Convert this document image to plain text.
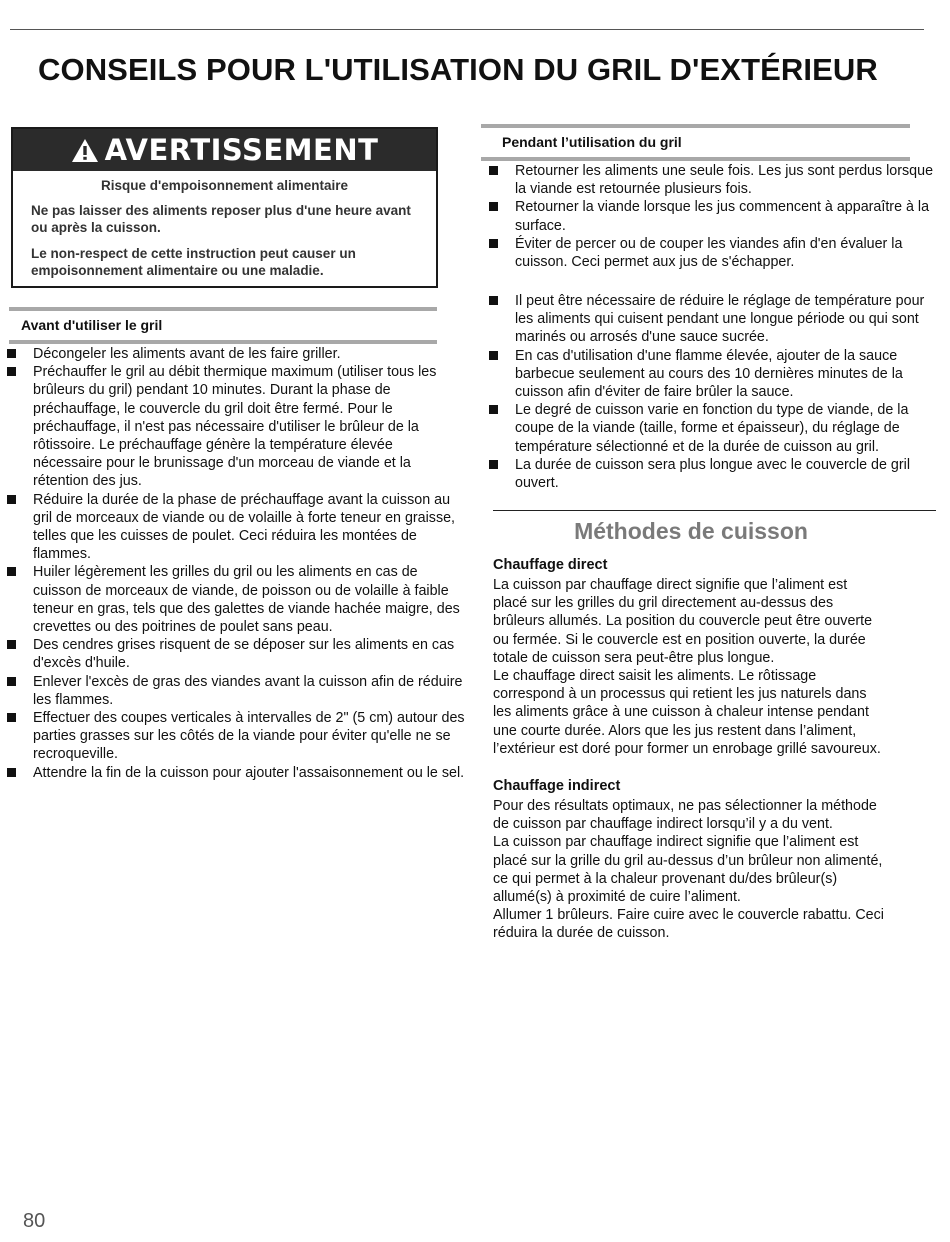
CONSEILS POUR L'UTILISATION DU GRIL D'EXTÉRIEUR
AVERTISSEMENT
Risque d'empoisonnement alimentaire

Ne pas laisser des aliments reposer plus d'une heure avant ou après la cuisson.

Le non-respect de cette instruction peut causer un empoisonnement alimentaire ou une maladie.

Avant d'utiliser le gril
Décongeler les aliments avant de les faire griller.
Préchauffer le gril au débit thermique maximum (utiliser tous les brûleurs du gril) pendant 10 minutes. Durant la phase de préchauffage, le couvercle du gril doit être fermé. Pour le préchauffage, il n'est pas nécessaire d'utiliser le brûleur de la rôtissoire. Le préchauffage génère la température élevée nécessaire pour le brunissage d'un morceau de viande et la rétention des jus.
Réduire la durée de la phase de préchauffage avant la cuisson au gril de morceaux de viande ou de volaille à forte teneur en graisse, telles que les cuisses de poulet. Ceci réduira les montées de flammes.
Huiler légèrement les grilles du gril ou les aliments en cas de cuisson de morceaux de viande, de poisson ou de volaille à faible teneur en gras, tels que des galettes de viande hachée maigre, des crevettes ou des poitrines de poulet sans peau.
Des cendres grises risquent de se déposer sur les aliments en cas d'excès d'huile.
Enlever l'excès de gras des viandes avant la cuisson afin de réduire les flammes.
Effectuer des coupes verticales à intervalles de 2" (5 cm) autour des parties grasses sur les côtés de la viande pour éviter qu'elle ne se recroqueville.
Attendre la fin de la cuisson pour ajouter l'assaisonnement ou le sel.
Pendant l’utilisation du gril
Retourner les aliments une seule fois. Les jus sont perdus lorsque la viande est retournée plusieurs fois.
Retourner la viande lorsque les jus commencent à apparaître à la surface.
Éviter de percer ou de couper les viandes afin d'en évaluer la cuisson. Ceci permet aux jus de s'échapper.
Il peut être nécessaire de réduire le réglage de température pour les aliments qui cuisent pendant une longue période ou qui sont marinés ou arrosés d'une sauce sucrée.
En cas d'utilisation d'une flamme élevée, ajouter de la sauce barbecue seulement au cours des 10 dernières minutes de la cuisson afin d'éviter de faire brûler la sauce.
Le degré de cuisson varie en fonction du type de viande, de la coupe de la viande (taille, forme et épaisseur), du réglage de température sélectionné et de la durée de cuisson au gril.
La durée de cuisson sera plus longue avec le couvercle de gril ouvert.
Méthodes de cuisson
Chauffage direct
La cuisson par chauffage direct signifie que l’aliment est
placé sur les grilles du gril directement au-dessus des
brûleurs allumés. La position du couvercle peut être ouverte
ou fermée. Si le couvercle est en position ouverte, la durée
totale de cuisson sera peut-être plus longue.
Le chauffage direct saisit les aliments. Le rôtissage
correspond à un processus qui retient les jus naturels dans
les aliments grâce à une cuisson à chaleur intense pendant
une courte durée. Alors que les jus restent dans l’aliment,
l’extérieur est doré pour former un enrobage grillé savoureux.
Chauffage indirect
Pour des résultats optimaux, ne pas sélectionner la méthode
de cuisson par chauffage indirect lorsqu’il y a du vent.
La cuisson par chauffage indirect signifie que l’aliment est
placé sur la grille du gril au-dessus d’un brûleur non alimenté,
ce qui permet à la chaleur provenant du/des brûleur(s)
allumé(s) à proximité de cuire l’aliment.
Allumer 1 brûleurs. Faire cuire avec le couvercle rabattu. Ceci
réduira la durée de cuisson.
80
